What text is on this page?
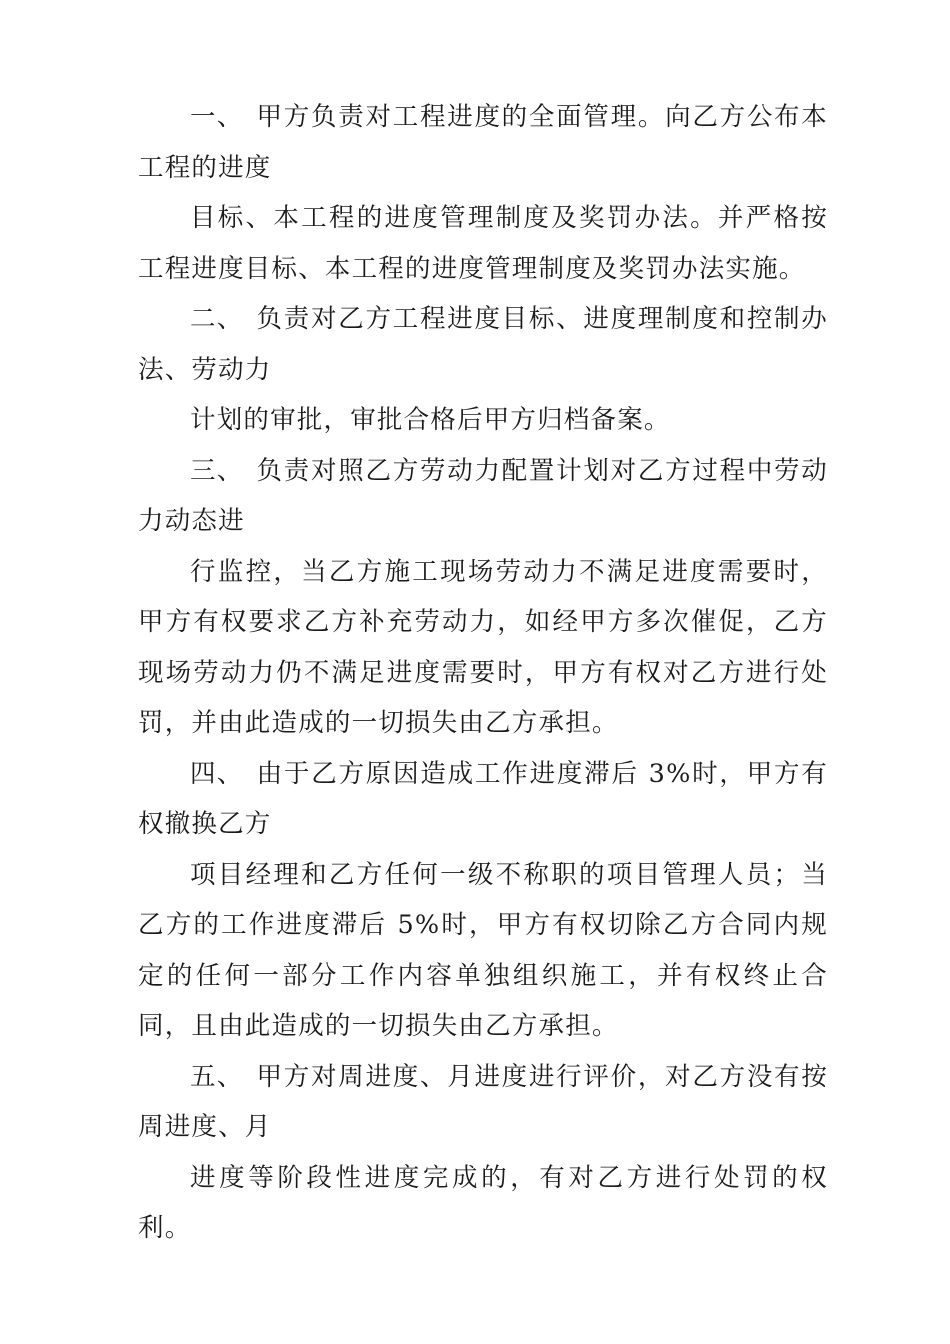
一、 甲方负责对工程进度的全面管理。向乙方公布本工程的进度

目标、本工程的进度管理制度及奖罚办法。并严格按工程进度目标、本工程的进度管理制度及奖罚办法实施。

二、 负责对乙方工程进度目标、进度理制度和控制办法、劳动力

计划的审批，审批合格后甲方归档备案。

三、 负责对照乙方劳动力配置计划对乙方过程中劳动力动态进

行监控，当乙方施工现场劳动力不满足进度需要时，甲方有权要求乙方补充劳动力，如经甲方多次催促，乙方现场劳动力仍不满足进度需要时，甲方有权对乙方进行处罚，并由此造成的一切损失由乙方承担。

四、 由于乙方原因造成工作进度滞后 3%时，甲方有权撤换乙方

项目经理和乙方任何一级不称职的项目管理人员；当乙方的工作进度滞后 5%时，甲方有权切除乙方合同内规定的任何一部分工作内容单独组织施工，并有权终止合同，且由此造成的一切损失由乙方承担。

五、 甲方对周进度、月进度进行评价，对乙方没有按周进度、月

进度等阶段性进度完成的，有对乙方进行处罚的权利。
